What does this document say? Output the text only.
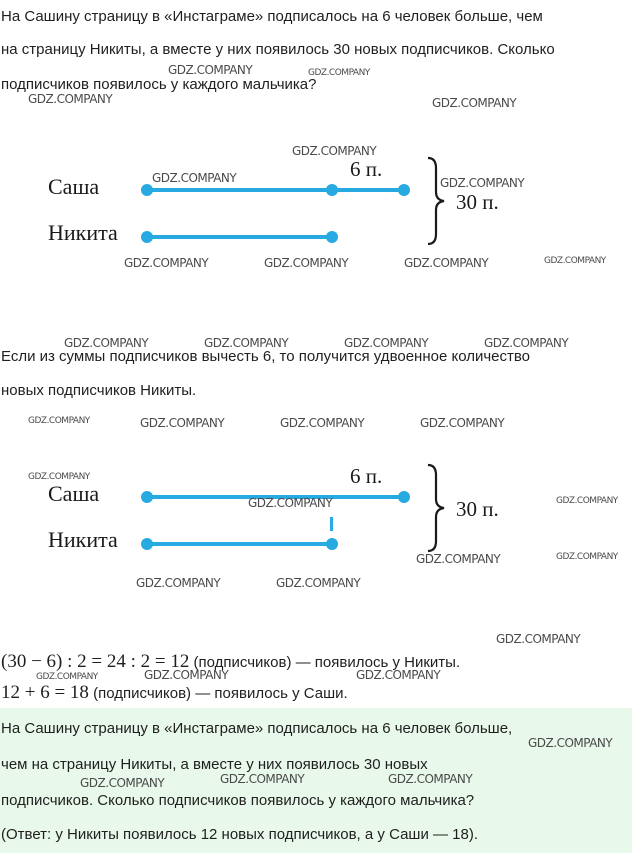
На Сашину страницу в «Инстаграме» подписалось на 6 человек больше, чем

на страницу Никиты, а вместе у них появилось 30 новых подписчиков. Сколько

подписчиков появилось у каждого мальчика?

Саша
Никита
6 п.
30 п.

Если из суммы подписчиков вычесть 6, то получится удвоенное количество

новых подписчиков Никиты.

Саша
Никита
6 п.
30 п.

(30 − 6) : 2 = 24 : 2 = 12 (подписчиков) — появилось у Никиты.

12 + 6 = 18 (подписчиков) — появилось у Саши.

На Сашину страницу в «Инстаграме» подписалось на 6 человек больше,

чем на страницу Никиты, а вместе у них появилось 30 новых

подписчиков. Сколько подписчиков появилось у каждого мальчика?

(Ответ: у Никиты появилось 12 новых подписчиков, а у Саши — 18).

GDZ.COMPANY	GDZ.COMPANY
GDZ.COMPANY	GDZ.COMPANY
GDZ.COMPANY
GDZ.COMPANY	GDZ.COMPANY
GDZ.COMPANY	GDZ.COMPANY	GDZ.COMPANY	GDZ.COMPANY
GDZ.COMPANY	GDZ.COMPANY	GDZ.COMPANY	GDZ.COMPANY
GDZ.COMPANY	GDZ.COMPANY	GDZ.COMPANY	GDZ.COMPANY
GDZ.COMPANY
GDZ.COMPANY	GDZ.COMPANY
GDZ.COMPANY	GDZ.COMPANY
GDZ.COMPANY	GDZ.COMPANY
GDZ.COMPANY
GDZ.COMPANY	GDZ.COMPANY	GDZ.COMPANY
GDZ.COMPANY
GDZ.COMPANY	GDZ.COMPANY
GDZ.COMPANY
